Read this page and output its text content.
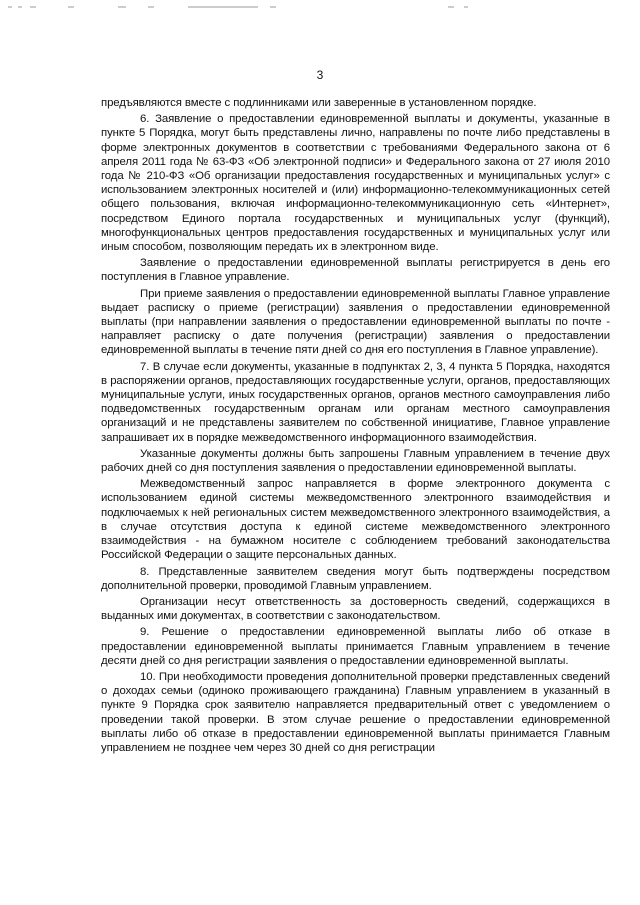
3

предъявляются вместе с подлинниками или заверенные в установленном порядке.

6. Заявление о предоставлении единовременной выплаты и документы, указанные в пункте 5 Порядка, могут быть представлены лично, направлены по почте либо представлены в форме электронных документов в соответствии с требованиями Федерального закона от 6 апреля 2011 года № 63-ФЗ «Об электронной подписи» и Федерального закона от 27 июля 2010 года № 210-ФЗ «Об организации предоставления государственных и муниципальных услуг» с использованием электронных носителей и (или) информационно-телекоммуникационных сетей общего пользования, включая информационно-телекоммуникационную сеть «Интернет», посредством Единого портала государственных и муниципальных услуг (функций), многофункциональных центров предоставления государственных и муниципальных услуг или иным способом, позволяющим передать их в электронном виде.

Заявление о предоставлении единовременной выплаты регистрируется в день его поступления в Главное управление.

При приеме заявления о предоставлении единовременной выплаты Главное управление выдает расписку о приеме (регистрации) заявления о предоставлении единовременной выплаты (при направлении заявления о предоставлении единовременной выплаты по почте - направляет расписку о дате получения (регистрации) заявления о предоставлении единовременной выплаты в течение пяти дней со дня его поступления в Главное управление).

7. В случае если документы, указанные в подпунктах 2, 3, 4 пункта 5 Порядка, находятся в распоряжении органов, предоставляющих государственные услуги, органов, предоставляющих муниципальные услуги, иных государственных органов, органов местного самоуправления либо подведомственных государственным органам или органам местного самоуправления организаций и не представлены заявителем по собственной инициативе, Главное управление запрашивает их в порядке межведомственного информационного взаимодействия.

Указанные документы должны быть запрошены Главным управлением в течение двух рабочих дней со дня поступления заявления о предоставлении единовременной выплаты.

Межведомственный запрос направляется в форме электронного документа с использованием единой системы межведомственного электронного взаимодействия и подключаемых к ней региональных систем межведомственного электронного взаимодействия, а в случае отсутствия доступа к единой системе межведомственного электронного взаимодействия - на бумажном носителе с соблюдением требований законодательства Российской Федерации о защите персональных данных.

8. Представленные заявителем сведения могут быть подтверждены посредством дополнительной проверки, проводимой Главным управлением.

Организации несут ответственность за достоверность сведений, содержащихся в выданных ими документах, в соответствии с законодательством.

9. Решение о предоставлении единовременной выплаты либо об отказе в предоставлении единовременной выплаты принимается Главным управлением в течение десяти дней со дня регистрации заявления о предоставлении единовременной выплаты.

10. При необходимости проведения дополнительной проверки представленных сведений о доходах семьи (одиноко проживающего гражданина) Главным управлением в указанный в пункте 9 Порядка срок заявителю направляется предварительный ответ с уведомлением о проведении такой проверки. В этом случае решение о предоставлении единовременной выплаты либо об отказе в предоставлении единовременной выплаты принимается Главным управлением не позднее чем через 30 дней со дня регистрации
